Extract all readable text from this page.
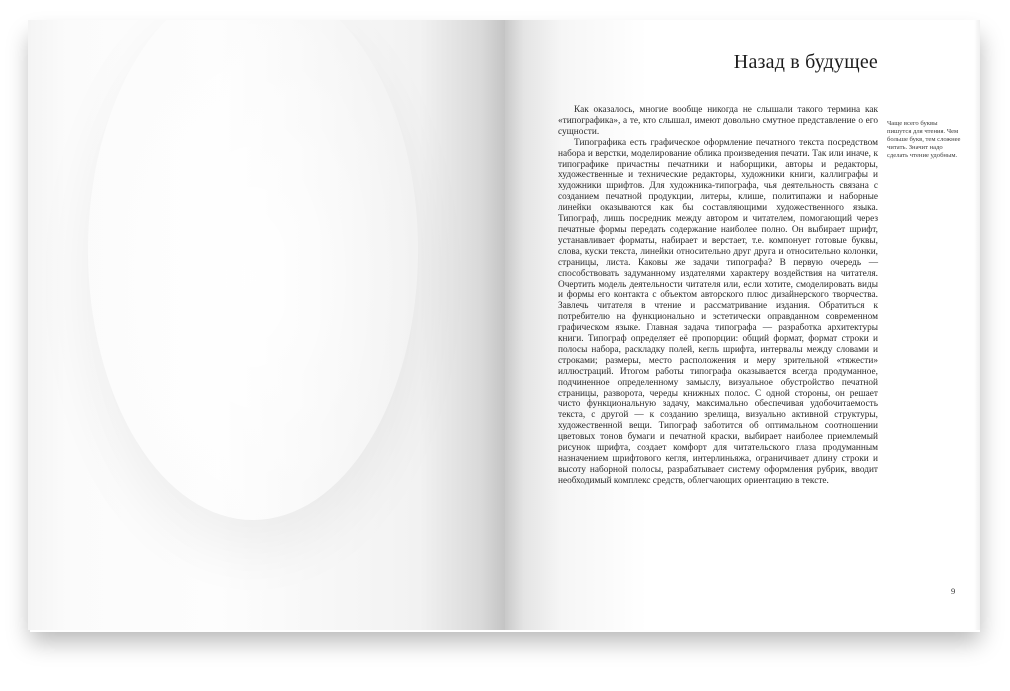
Назад в будущее

Как оказалось, многие вообще никогда не слышали такого термина как «типографика», а те, кто слышал, имеют довольно смутное представление о его сущности.

Типографика есть графическое оформление печатного текста посредством набора и верстки, моделирование облика произведения печати. Так или иначе, к типографике причастны печатники и наборщики, авторы и редакторы, художественные и технические редакторы, художники книги, каллиграфы и художники шрифтов. Для художника-типографа, чья деятельность связана с созданием печатной продукции, литеры, клише, политипажи и наборные линейки оказываются как бы составляющими художественного языка. Типограф, лишь посредник между автором и читателем, помогающий через печатные формы передать содержание наиболее полно. Он выбирает шрифт, устанавливает форматы, набирает и верстает, т.е. компонует готовые буквы, слова, куски текста, линейки относительно друг друга и относительно колонки, страницы, листа. Каковы же задачи типографа? В первую очередь — способствовать задуманному издателями характеру воздействия на читателя. Очертить модель деятельности читателя или, если хотите, смоделировать виды и формы его контакта с объектом авторского плюс дизайнерского творчества. Завлечь читателя в чтение и рассматривание издания. Обратиться к потребителю на функционально и эстетически оправданном современном графическом языке. Главная задача типографа — разработка архитектуры книги. Типограф определяет её пропорции: общий формат, формат строки и полосы набора, раскладку полей, кегль шрифта, интервалы между словами и строками; размеры, место расположения и меру зрительной «тяжести» иллюстраций. Итогом работы типографа оказывается всегда продуманное, подчиненное определенному замыслу, визуальное обустройство печатной страницы, разворота, череды книжных полос. С одной стороны, он решает чисто функциональную задачу, максимально обеспечивая удобочитаемость текста, с другой — к созданию зрелища, визуально активной структуры, художественной вещи. Типограф заботится об оптимальном соотношении цветовых тонов бумаги и печатной краски, выбирает наиболее приемлемый рисунок шрифта, создает комфорт для читательского глаза продуманным назначением шрифтового кегля, интерлиньяжа, ограничивает длину строки и высоту наборной полосы, разрабатывает систему оформления рубрик, вводит необходимый комплекс средств, облегчающих ориентацию в тексте.

Чаще всего буквы пишутся для чтения. Чем больше букв, тем сложнее читать. Значит надо сделать чтение удобным.
9
